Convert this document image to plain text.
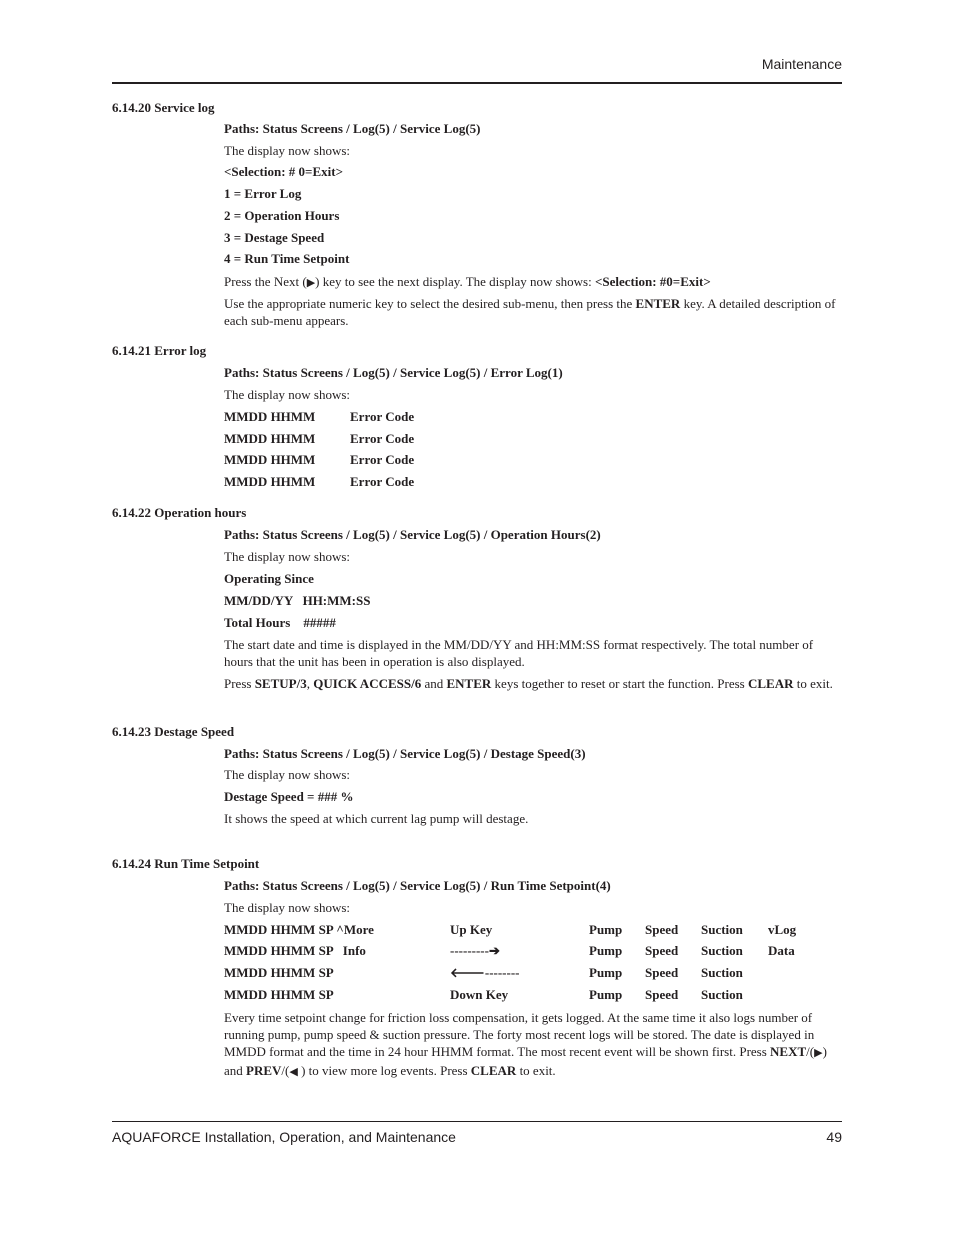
Maintenance
6.14.20 Service log
Paths: Status Screens / Log(5) / Service Log(5)
The display now shows:
<Selection: # 0=Exit>
1 = Error Log
2 = Operation Hours
3 = Destage Speed
4 = Run Time Setpoint
Press the Next (▶) key to see the next display. The display now shows: <Selection: #0=Exit>
Use the appropriate numeric key to select the desired sub-menu, then press the ENTER key. A detailed description of each sub-menu appears.
6.14.21 Error log
Paths: Status Screens / Log(5) / Service Log(5) / Error Log(1)
The display now shows:
MMDD HHMM	Error Code
MMDD HHMM	Error Code
MMDD HHMM	Error Code
MMDD HHMM	Error Code
6.14.22 Operation hours
Paths: Status Screens / Log(5) / Service Log(5) / Operation Hours(2)
The display now shows:
Operating Since
MM/DD/YY   HH:MM:SS
Total Hours    #####
The start date and time is displayed in the MM/DD/YY and HH:MM:SS format respectively. The total number of hours that the unit has been in operation is also displayed.
Press SETUP/3, QUICK ACCESS/6 and ENTER keys together to reset or start the function. Press CLEAR to exit.
6.14.23 Destage Speed
Paths: Status Screens / Log(5) / Service Log(5) / Destage Speed(3)
The display now shows:
Destage Speed = ### %
It shows the speed at which current lag pump will destage.
6.14.24 Run Time Setpoint
Paths: Status Screens / Log(5) / Service Log(5) / Run Time Setpoint(4)
The display now shows:
MMDD HHMM SP ^More	Up Key	Pump Speed Suction vLog
MMDD HHMM SP   Info	---------➔	Pump Speed Suction Data
MMDD HHMM SP	🡐--------	Pump Speed Suction
MMDD HHMM SP	Down Key	Pump Speed Suction
Every time setpoint change for friction loss compensation, it gets logged. At the same time it also logs number of running pump, pump speed & suction pressure. The forty most recent logs will be stored. The date is displayed in MMDD format and the time in 24 hour HHMM format. The most recent event will be shown first. Press NEXT/(▶) and PREV/(◀ ) to view more log events. Press CLEAR to exit.
AQUAFORCE Installation, Operation, and Maintenance	49
